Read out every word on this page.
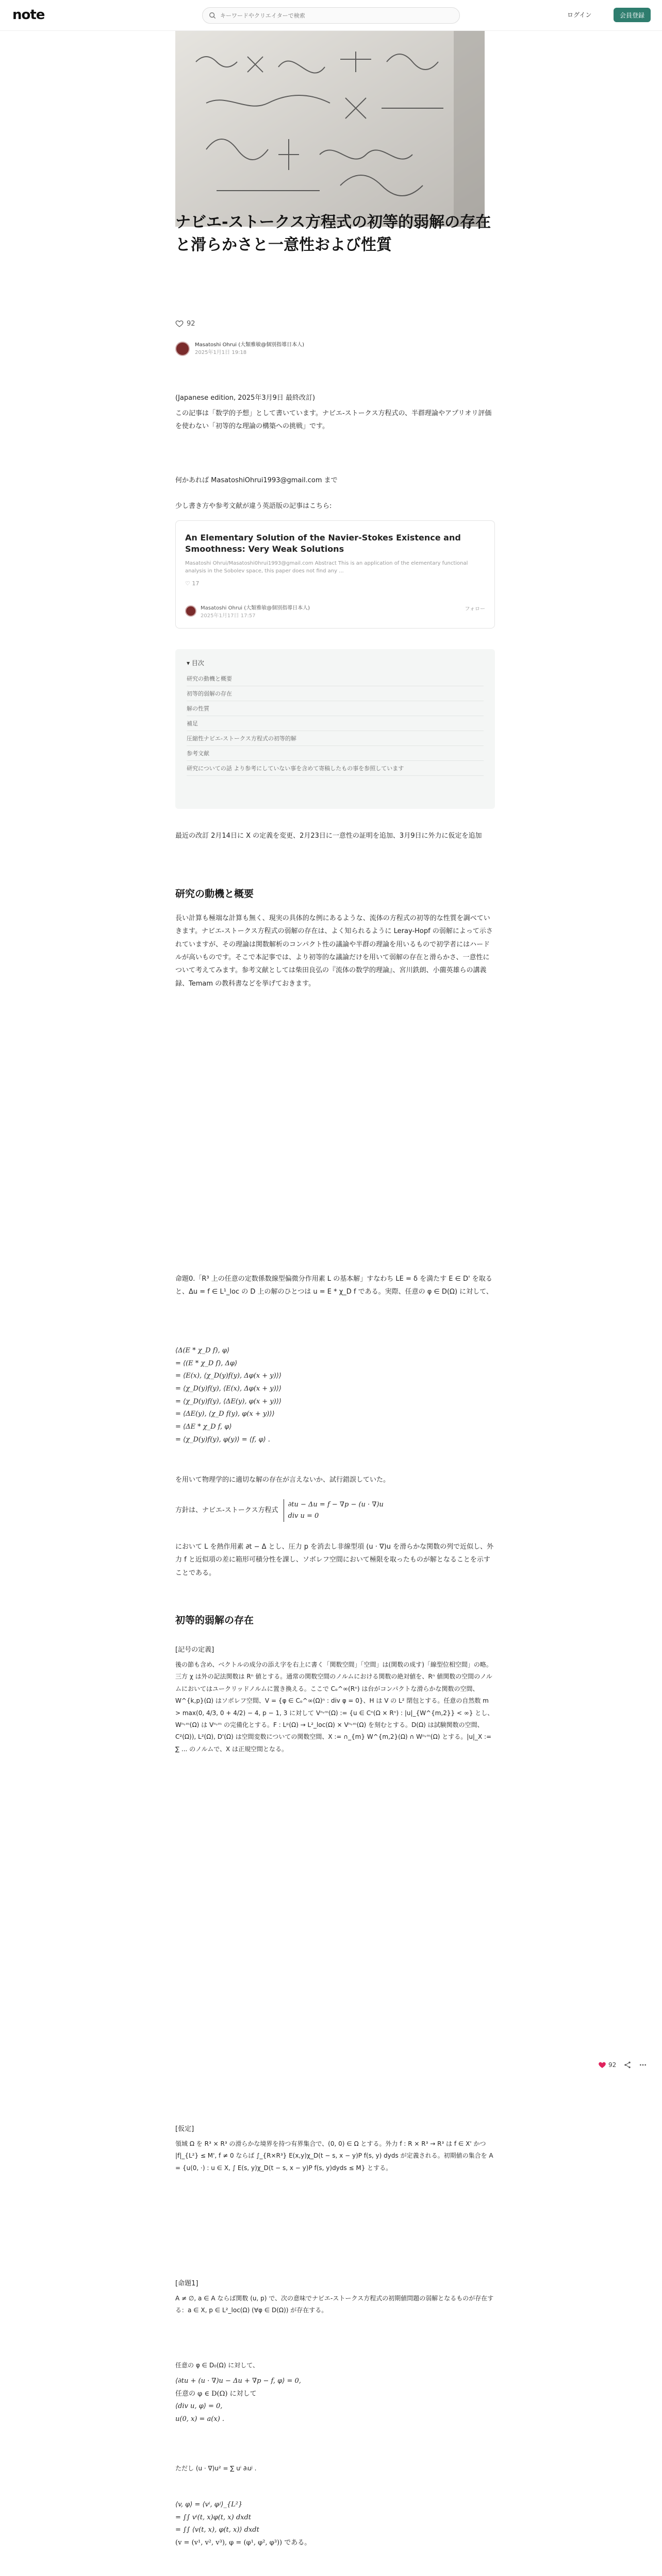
note
キーワードやクリエイターで検索	ログイン	会員登録
ナビエ-ストークス方程式の初等的弱解の存在と滑らかさと一意性および性質
92
Masatoshi Ohrui (大類雅敏@個別指導日本人)
2025年1月1日 19:18
(Japanese edition, 2025年3月9日 最終改訂)
この記事は「数学的予想」として書いています。ナビエ-ストークス方程式の、半群理論やアプリオリ評価を使わない「初等的な理論の構築への挑戦」です。
何かあれば MasatoshiOhrui1993@gmail.com まで
少し書き方や参考文献が違う英語版の記事はこちら:
An Elementary Solution of the Navier-Stokes Existence and Smoothness: Very Weak Solutions
Masatoshi Ohrui/Masatoshi0hrui1993@gmail.com Abstract This is an application of the elementary functional analysis in the Sobolev space, this paper does not find any ...
♡ 17
Masatoshi Ohrui (大類雅敏@個別指導日本人)
2025年1月17日 17:57
フォロー
▾ 目次
研究の動機と概要
初等的弱解の存在
解の性質
補足
圧縮性ナビエ-ストークス方程式の初等的解
参考文献
研究についての話 より参考にしていない事を含めて寄稿したもの事を参照しています
最近の改訂 2月14日に X の定義を変更、2月23日に一意性の証明を追加、3月9日に外力に仮定を追加
研究の動機と概要
長い計算も極端な計算も無く、現実の具体的な例にあるような、流体の方程式の初等的な性質を調べていきます。ナビエ-ストークス方程式の弱解の存在は、よく知られるように Leray-Hopf の弱解によって示されていますが、その理論は関数解析のコンパクト性の議論や半群の理論を用いるもので初学者にはハードルが高いものです。そこで本記事では、より初等的な議論だけを用いて弱解の存在と滑らかさ、一意性について考えてみます。参考文献としては柴田良弘の『流体の数学的理論』、宮川鉄朗、小薗英雄らの講義録、Temam の教科書などを挙げておきます。
命題0.「R³ 上の任意の定数係数線型偏微分作用素 L の基本解」すなわち LE = δ を満たす E ∈ D' を取ると、Δu = f ∈ L¹_loc の D 上の解のひとつは u = E * χ_D f である。実際、任意の φ ∈ D(Ω) に対して、
⟨Δ(E * χ_D f), φ⟩
= ⟨(E * χ_D f), Δφ⟩
= ⟨E(x), ⟨χ_D(y)f(y), Δφ(x + y)⟩⟩
= ⟨χ_D(y)f(y), ⟨E(x), Δφ(x + y)⟩⟩
= ⟨χ_D(y)f(y), ⟨ΔE(y), φ(x + y)⟩⟩
= ⟨ΔE(y), ⟨χ_D f(y), φ(x + y)⟩⟩
= ⟨ΔE * χ_D f, φ⟩
= ⟨χ_D(y)f(y), φ(y)⟩ = ⟨f, φ⟩ .
を用いて物理学的に適切な解の存在が言えないか、試行錯誤していた。
方針は、ナビエ-ストークス方程式
∂tu − Δu = f − ∇p − (u · ∇)u
div u = 0
において L を熱作用素 ∂t − Δ とし、圧力 p を消去し非線型項 (u · ∇)u を滑らかな関数の列で近似し、外力 f と近似項の差に箱形可積分性を課し、ソボレフ空間において極限を取ったものが解となることを示すことである。
初等的弱解の存在
[記号の定義]
後の節も含め、ベクトルの成分の添え字を右上に書く「関数空間」「空間」は(関数の成す)「線型位相空間」の略。三方 χ は外の記法関数は Rⁿ 値とする。通常の関数空間のノルムにおける関数の絶対値を、Rⁿ 値関数の空間のノルムにおいてはユークリッドノルムに置き換える。ここで Cₒ^∞(Rⁿ) は台がコンパクトな滑らかな関数の空間、W^{k,p}(Ω) はソボレフ空間、V = {φ ∈ Cₒ^∞(Ω)ⁿ : div φ = 0}、H は V の L² 閉包とする。任意の自然数 m > max(0, 4/3, 0 + 4/2) − 4, p − 1, 3 に対して Vⁿ˒ᵐ(Ω) := {u ∈ Cⁿ(Ω × Rⁿ) : |u|_{W^{m,2}} < ∞} とし、Wⁿ˒ᵐ(Ω) は Vⁿ˒ᵐ の完備化とする。F : Lᵖ(Ω) → L²_loc(Ω) × Vⁿ˒ᵐ(Ω) を刻むとする。D(Ω) は試験関数の空間、C²(Ω)), L²(Ω), D'(Ω) は空間変数についての関数空間、X := ∩_{m} W^{m,2}(Ω) ∩ Wⁿ˒ᵐ(Ω) とする。|u|_X := ∑ ... のノルムで、X は正規空間となる。
[仮定]
領域 Ω を R³ × R³ の滑らかな境界を持つ有界集合で、(0, 0) ∈ Ω とする。外力 f : R × R³ → R³ は f ∈ X' かつ |f|_{L²} ≤ M', f ≠ 0 ならば ∫_{R×R³} E(x,y)χ_D(t − s, x − y)P f(s, y) dyds が定義される。初期値の集合を A = {u(0, ·) : u ∈ X, ∫ E(s, y)χ_D(t − s, x − y)P f(s, y)dyds ≤ M} とする。
[命題1]
A ≠ ∅, a ∈ A ならば関数 (u, p) で、次の意味でナビエ-ストークス方程式の初期値問題の弱解となるものが存在する：a ∈ X, p ∈ L²_loc(Ω) (∀φ ∈ D(Ω)) が存在する。
任意の φ ∈ D₀(Ω) に対して、
⟨∂tu + (u · ∇)u − Δu + ∇p − f, φ⟩ = 0,
任意の φ ∈ D(Ω) に対して
⟨div u, φ⟩ = 0,
u(0, x) = a(x) .
ただし (u · ∇)u² = ∑ uⁱ ∂ᵢuʲ .
⟨v, φ⟩ = ⟨vⁱ, φʲ⟩_{L²}
= ∫∫ vⁱ(t, x)φ(t, x) dxdt
= ∫∫ ⟨v(t, x), φ(t, x)⟩ dxdt
(v = (v¹, v², v³), φ = (φ¹, φ², φ³)) である。
92
